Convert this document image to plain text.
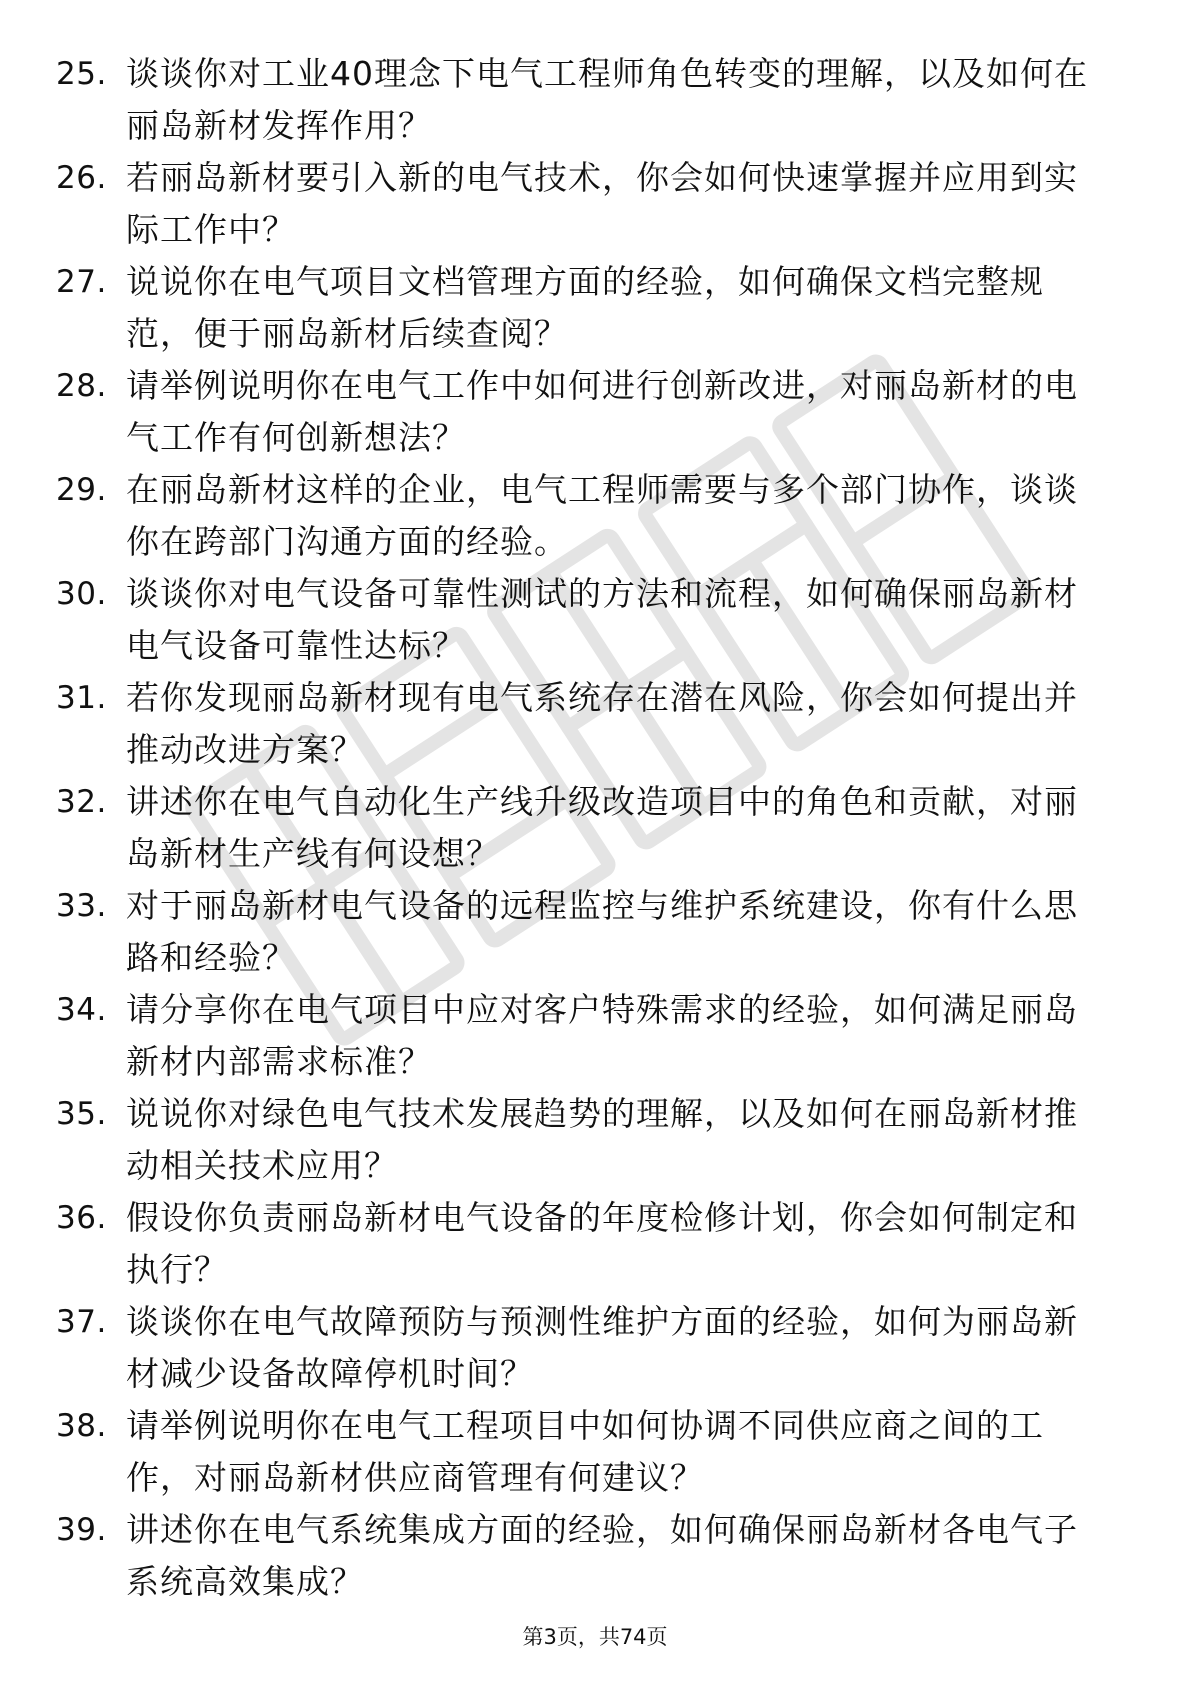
25. 谈谈你对工业40理念下电气工程师角色转变的理解，以及如何在
丽岛新材发挥作用？
26. 若丽岛新材要引入新的电气技术，你会如何快速掌握并应用到实
际工作中？
27. 说说你在电气项目文档管理方面的经验，如何确保文档完整规
范，便于丽岛新材后续查阅？
28. 请举例说明你在电气工作中如何进行创新改进，对丽岛新材的电
气工作有何创新想法？
29. 在丽岛新材这样的企业，电气工程师需要与多个部门协作，谈谈
你在跨部门沟通方面的经验。
30. 谈谈你对电气设备可靠性测试的方法和流程，如何确保丽岛新材
电气设备可靠性达标？
31. 若你发现丽岛新材现有电气系统存在潜在风险，你会如何提出并
推动改进方案？
32. 讲述你在电气自动化生产线升级改造项目中的角色和贡献，对丽
岛新材生产线有何设想？
33. 对于丽岛新材电气设备的远程监控与维护系统建设，你有什么思
路和经验？
34. 请分享你在电气项目中应对客户特殊需求的经验，如何满足丽岛
新材内部需求标准？
35. 说说你对绿色电气技术发展趋势的理解，以及如何在丽岛新材推
动相关技术应用？
36. 假设你负责丽岛新材电气设备的年度检修计划，你会如何制定和
执行？
37. 谈谈你在电气故障预防与预测性维护方面的经验，如何为丽岛新
材减少设备故障停机时间？
38. 请举例说明你在电气工程项目中如何协调不同供应商之间的工
作，对丽岛新材供应商管理有何建议？
39. 讲述你在电气系统集成方面的经验，如何确保丽岛新材各电气子
系统高效集成？
第3页，共74页
